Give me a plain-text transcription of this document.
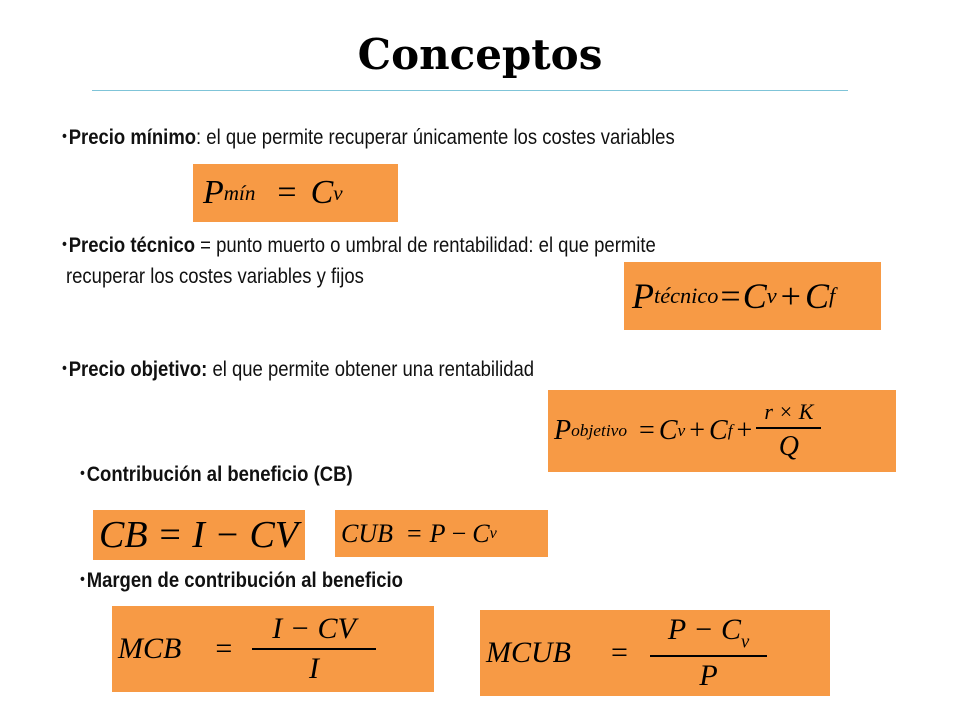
Conceptos
•Precio mínimo: el que permite recuperar únicamente los costes variables
P mín = C v
•Precio técnico = punto muerto o umbral de rentabilidad: el que permite
recuperar los costes variables y fijos	P técnico = C v + C f
•Precio objetivo: el que permite obtener una rentabilidad
P objetivo = C v + C $f + \frac{r \times K}{Q}$
•Contribución al beneficio (CB)
CB = I − CV CUB = P − C v
•Margen de contribución al beneficio
MCB	= $\frac{I - CV}{I}$	MCUB	= $\frac{P - C_v}{P}$
